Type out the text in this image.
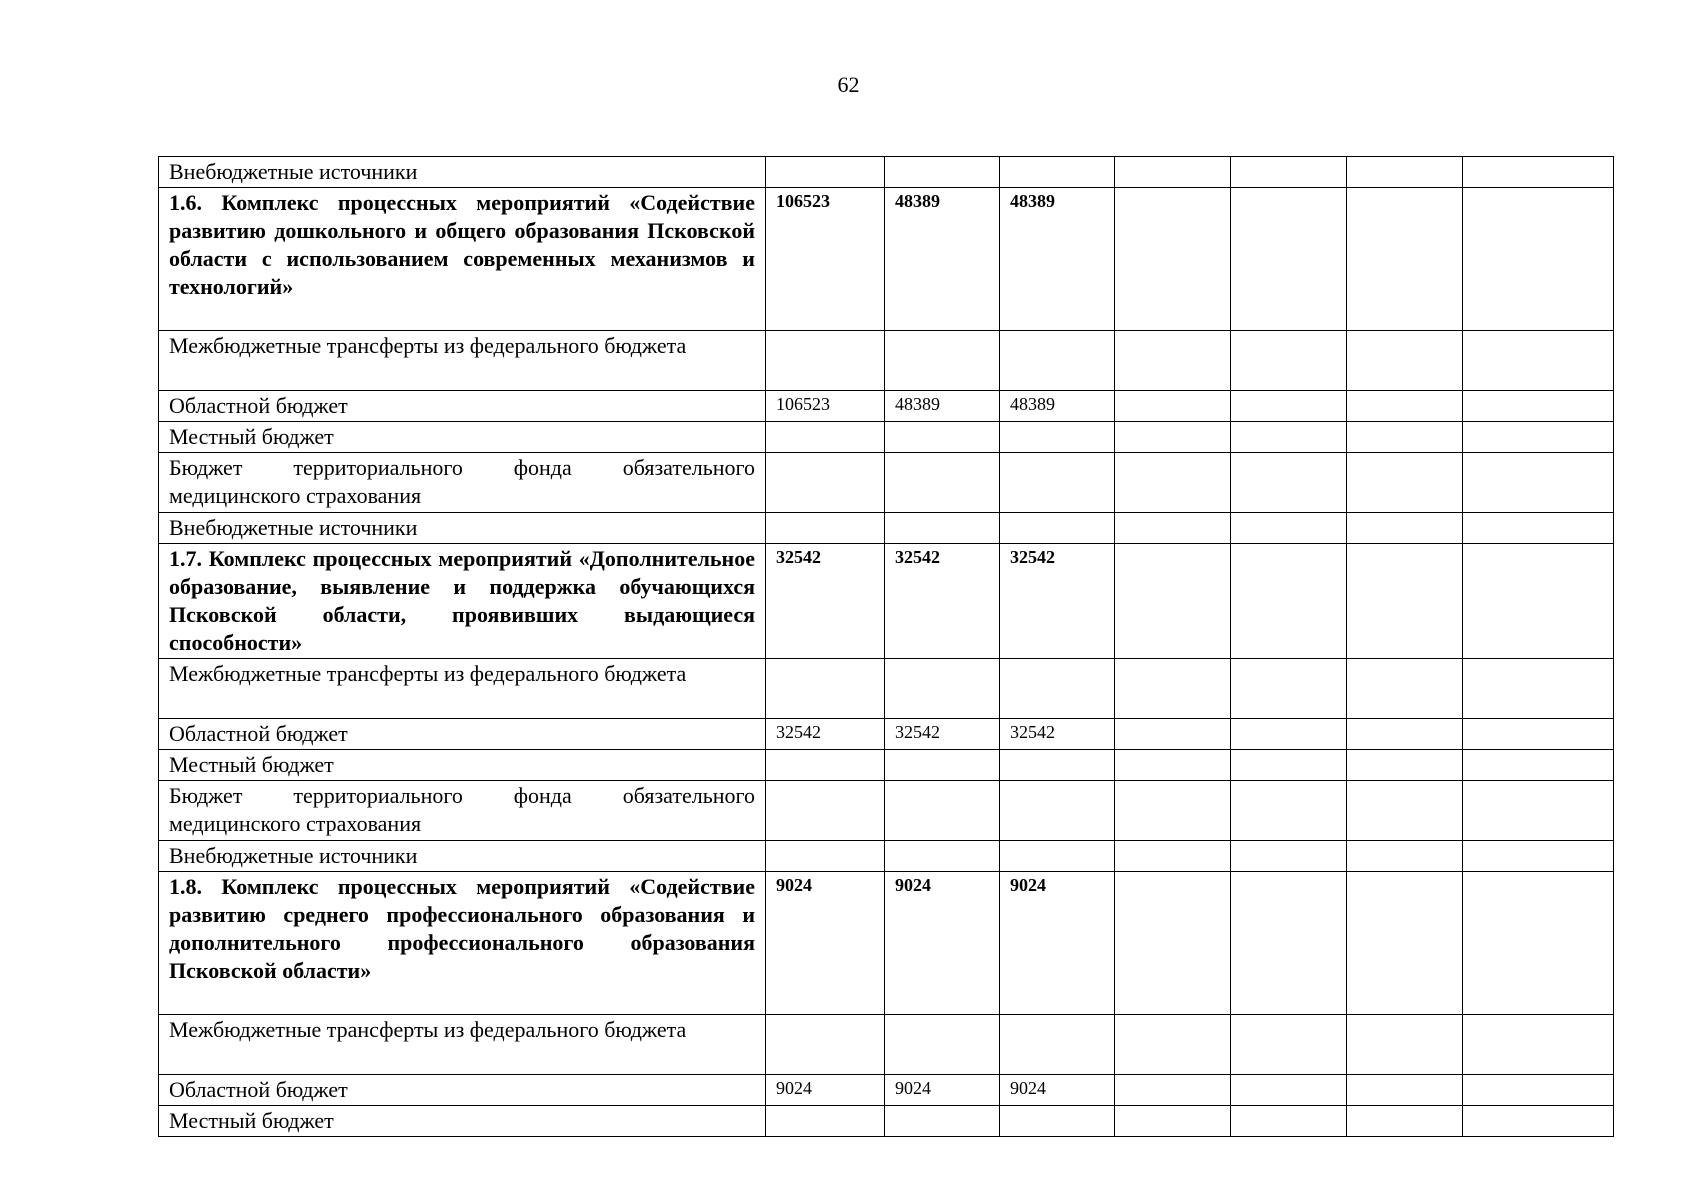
62
Внебюджетные источники							
1.6. Комплекс процессных мероприятий «Содействие развитию дошкольного и общего образования Псковской области с использованием современных механизмов и технологий»	106523	48389	48389				
Межбюджетные трансферты из федерального бюджета							
Областной бюджет	106523	48389	48389				
Местный бюджет							
Бюджет территориального фонда обязательного медицинского страхования							
Внебюджетные источники							
1.7. Комплекс процессных мероприятий «Дополнительное образование, выявление и поддержка обучающихся Псковской области, проявивших выдающиеся способности»	32542	32542	32542				
Межбюджетные трансферты из федерального бюджета							
Областной бюджет	32542	32542	32542				
Местный бюджет							
Бюджет территориального фонда обязательного медицинского страхования							
Внебюджетные источники							
1.8. Комплекс процессных мероприятий «Содействие развитию среднего профессионального образования и дополнительного профессионального образования Псковской области»	9024	9024	9024				
Межбюджетные трансферты из федерального бюджета							
Областной бюджет	9024	9024	9024				
Местный бюджет							
